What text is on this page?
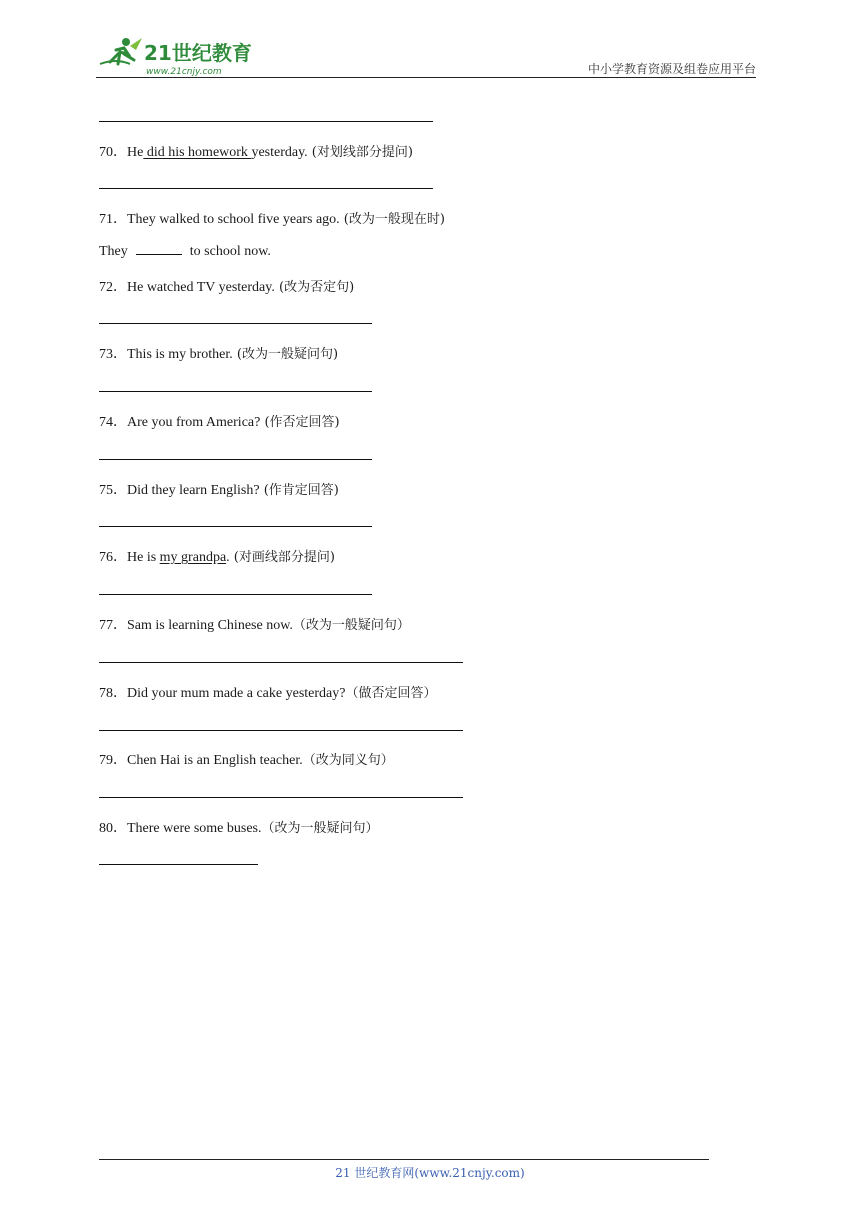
21世纪教育
www.21cnjy.com	中小学教育资源及组卷应用平台
70．He did his homework yesterday. (对划线部分提问)
71．They walked to school five years ago. (改为一般现在时)
They	to school now.
72．He watched TV yesterday. (改为否定句)
73．This is my brother. (改为一般疑问句)
74．Are you from America? (作否定回答)
75．Did they learn English? (作肯定回答)
76．He is my grandpa. (对画线部分提问)
77．Sam is learning Chinese now.（改为一般疑问句）
78．Did your mum made a cake yesterday?（做否定回答）
79．Chen Hai is an English teacher.（改为同义句）
80．There were some buses.（改为一般疑问句）
21 世纪教育网(www.21cnjy.com)
